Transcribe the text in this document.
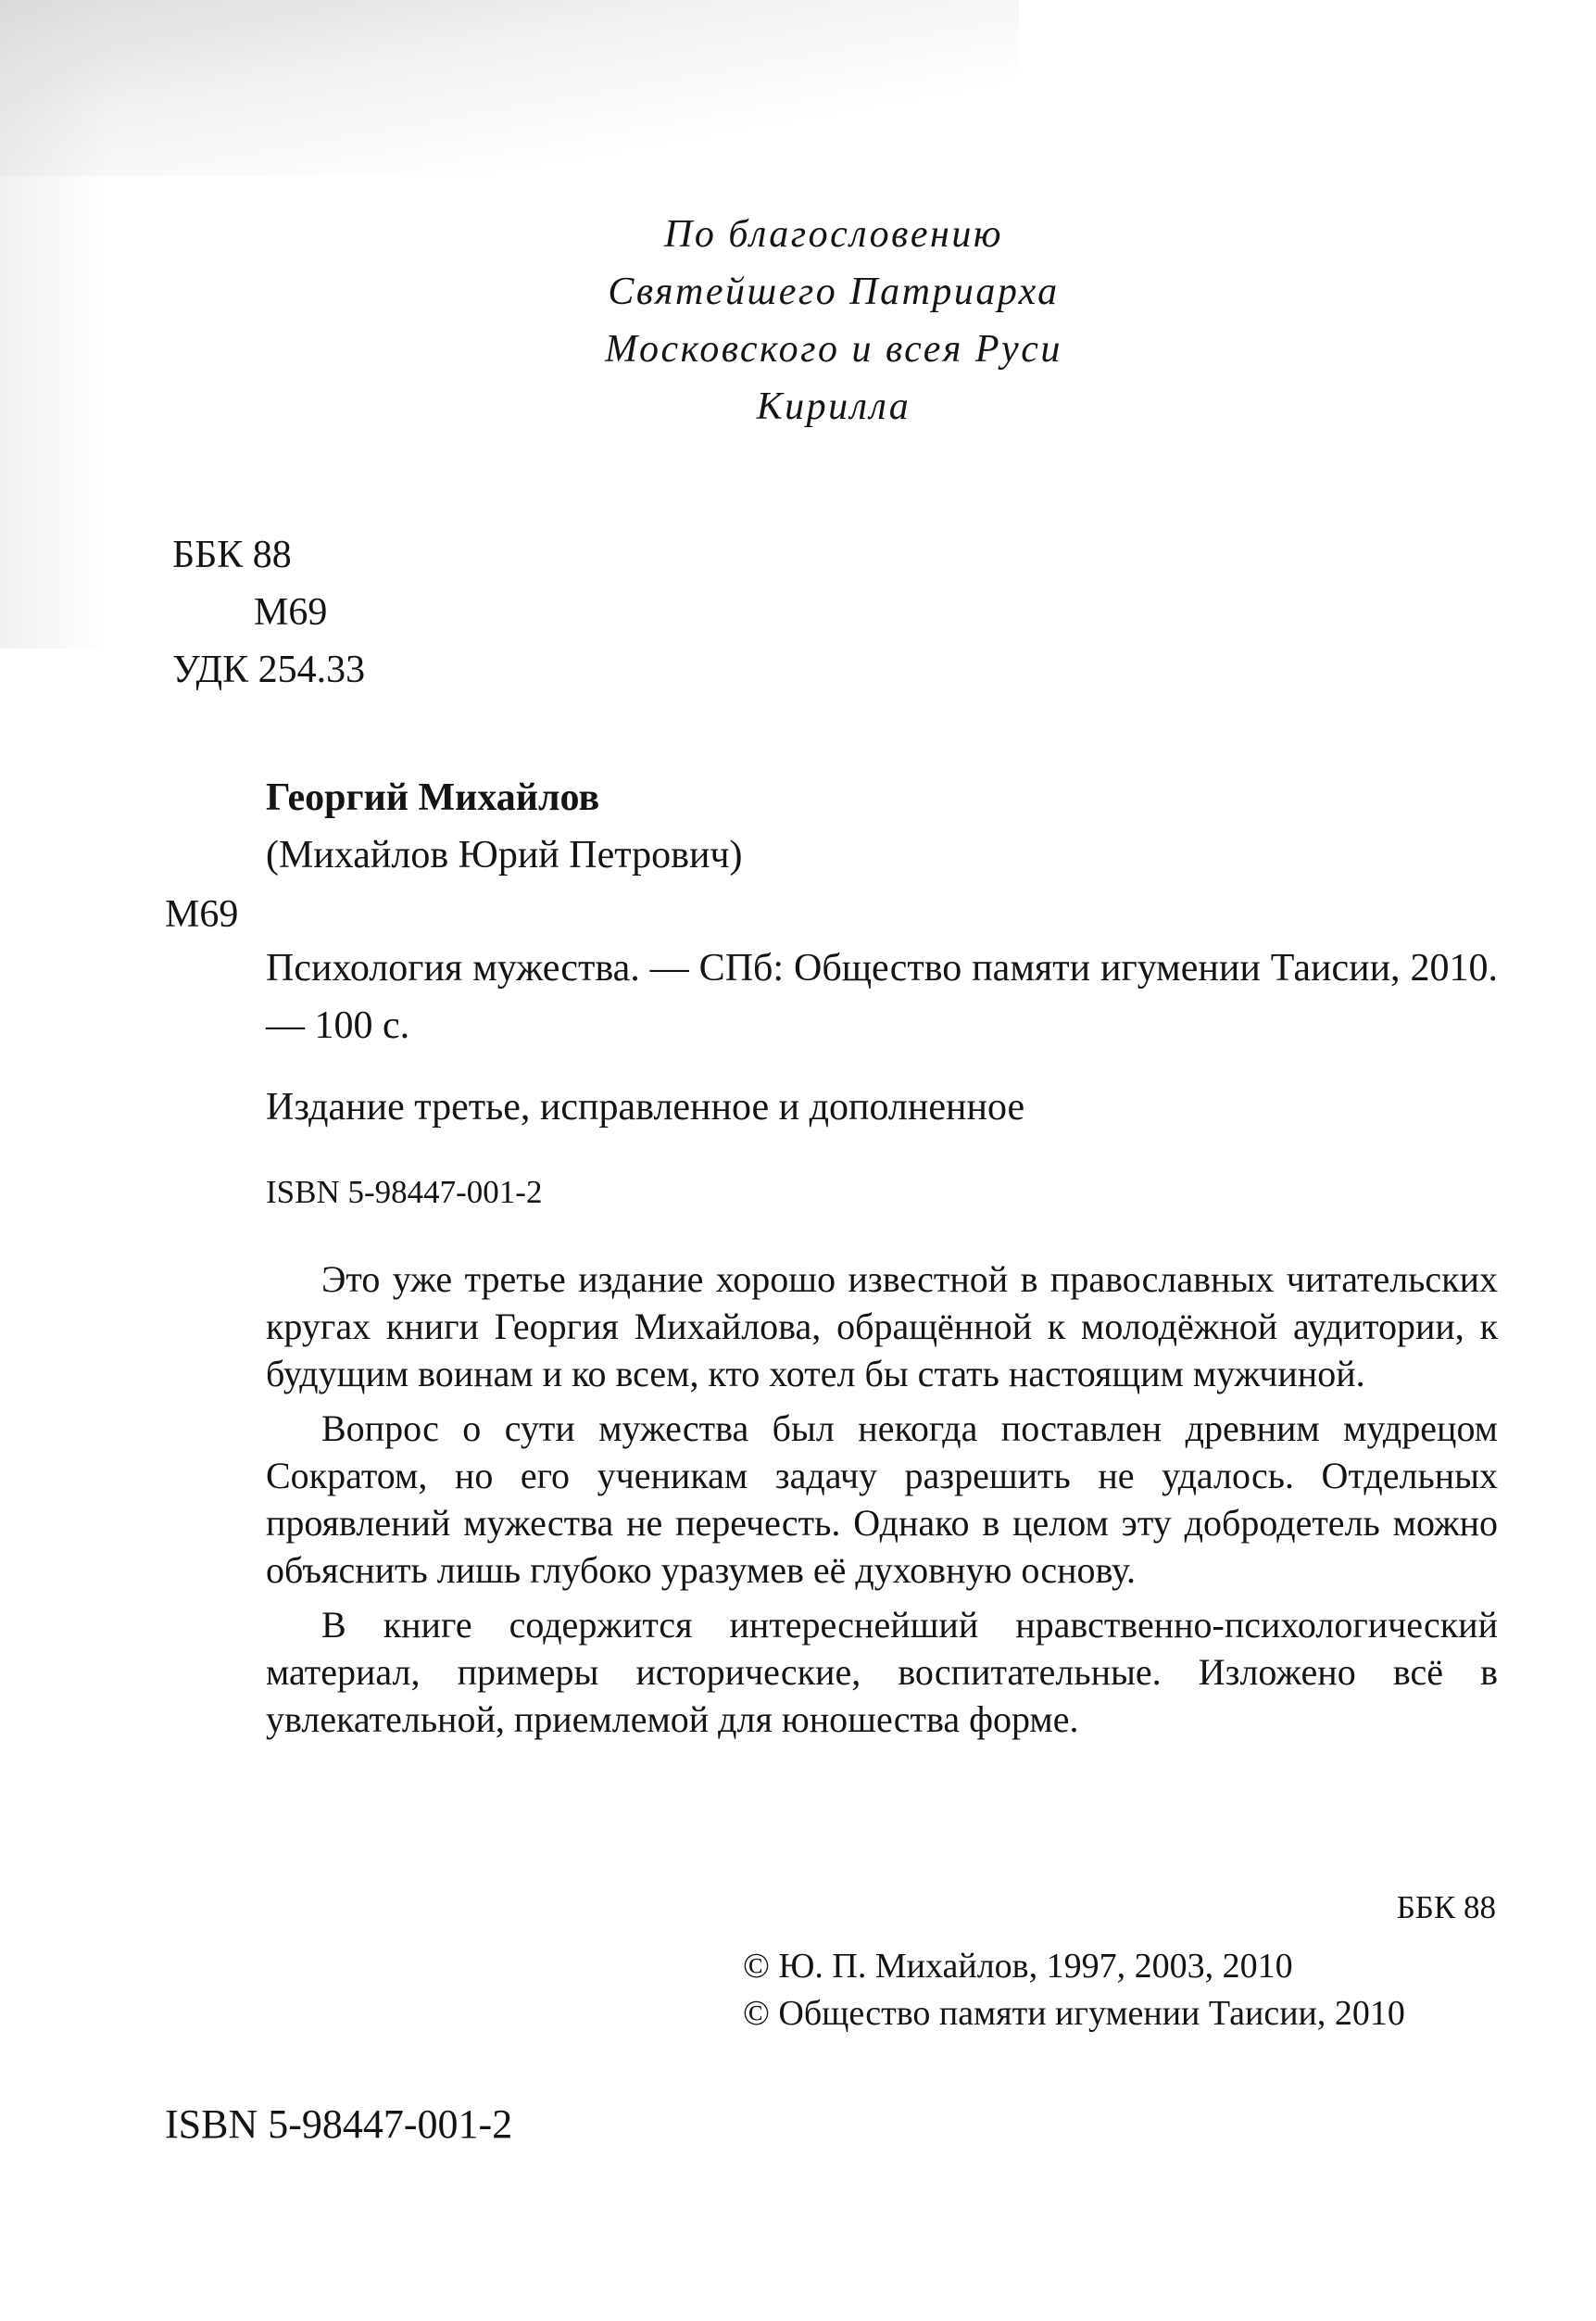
По благословению
Святейшего Патриарха
Московского и всея Руси
Кирилла
ББК 88
М69
УДК 254.33
Георгий Михайлов
(Михайлов Юрий Петрович)
М69
Психология мужества. — СПб: Общество памяти игумении Таисии, 2010. — 100 с.
Издание третье, исправленное и дополненное
ISBN 5-98447-001-2

Это уже третье издание хорошо известной в православных читательских кругах книги Георгия Михайлова, обращённой к молодёжной аудитории, к будущим воинам и ко всем, кто хотел бы стать настоящим мужчиной.

Вопрос о сути мужества был некогда поставлен древним мудрецом Сократом, но его ученикам задачу разрешить не удалось. Отдельных проявлений мужества не перечесть. Однако в целом эту добродетель можно объяснить лишь глубоко уразумев её духовную основу.

В книге содержится интереснейший нравственно-психологический материал, примеры исторические, воспитательные. Изложено всё в увлекательной, приемлемой для юношества форме.

ББК 88
© Ю. П. Михайлов, 1997, 2003, 2010
© Общество памяти игумении Таисии, 2010
ISBN 5-98447-001-2
